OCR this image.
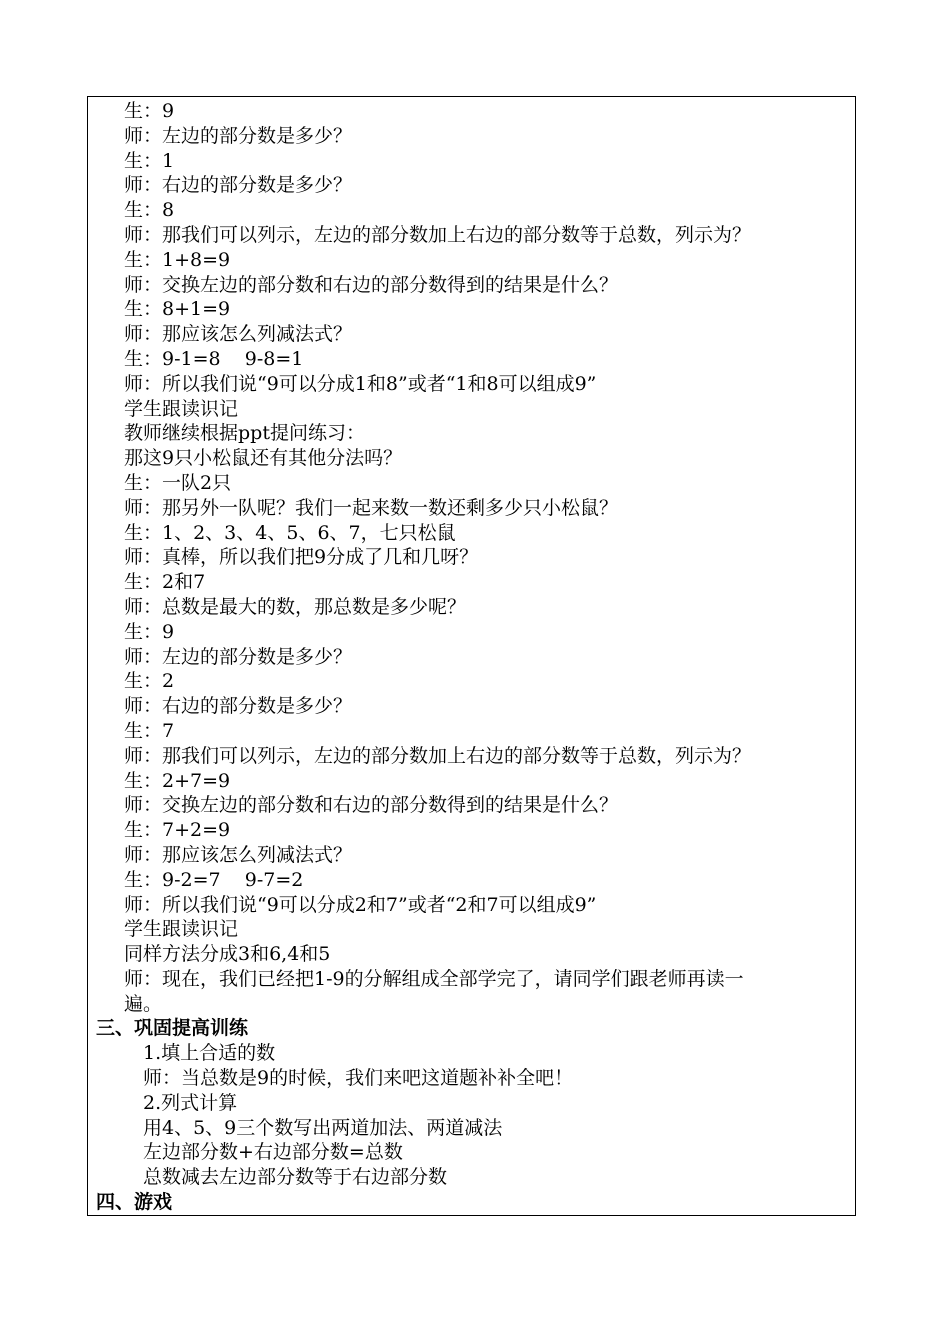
生：9
师：左边的部分数是多少？
生：1
师：右边的部分数是多少？
生：8
师：那我们可以列示，左边的部分数加上右边的部分数等于总数，列示为？
生：1+8=9
师：交换左边的部分数和右边的部分数得到的结果是什么？
生：8+1=9
师：那应该怎么列减法式？
生：9-1=8    9-8=1
师：所以我们说“9可以分成1和8”或者“1和8可以组成9”
学生跟读识记
教师继续根据ppt提问练习：
那这9只小松鼠还有其他分法吗？
生：一队2只
师：那另外一队呢？我们一起来数一数还剩多少只小松鼠？
生：1、2、3、4、5、6、7，七只松鼠
师：真棒，所以我们把9分成了几和几呀？
生：2和7
师：总数是最大的数，那总数是多少呢？
生：9
师：左边的部分数是多少？
生：2
师：右边的部分数是多少？
生：7
师：那我们可以列示，左边的部分数加上右边的部分数等于总数，列示为？
生：2+7=9
师：交换左边的部分数和右边的部分数得到的结果是什么？
生：7+2=9
师：那应该怎么列减法式？
生：9-2=7    9-7=2
师：所以我们说“9可以分成2和7”或者“2和7可以组成9”
学生跟读识记
同样方法分成3和6,4和5
师：现在，我们已经把1-9的分解组成全部学完了，请同学们跟老师再读一
遍。
三、巩固提高训练
1.填上合适的数
师：当总数是9的时候，我们来吧这道题补补全吧！
2.列式计算
用4、5、9三个数写出两道加法、两道减法
左边部分数+右边部分数=总数
总数减去左边部分数等于右边部分数
四、游戏
